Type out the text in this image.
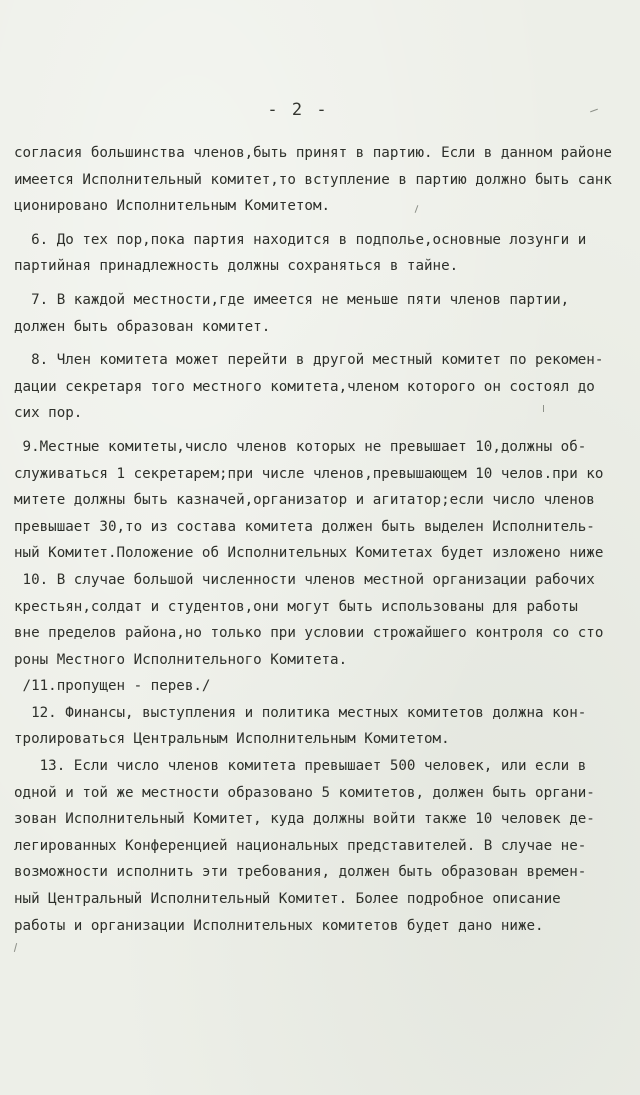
- 2 -
согласия большинства членов,быть принят в партию. Если в данном районе
имеется Исполнительный комитет,то вступление в партию должно быть санк
ционировано Исполнительным Комитетом.
6. До тех пор,пока партия находится в подполье,основные лозунги и
партийная принадлежность должны сохраняться в тайне.
7. В каждой местности,где имеется не меньше пяти членов партии,
должен быть образован комитет.
8. Член комитета может перейти в другой местный комитет по рекомен-
дации секретаря того местного комитета,членом которого он состоял до
сих пор.
9.Местные комитеты,число членов которых не превышает 10,должны об-
служиваться 1 секретарем;при числе членов,превышающем 10 челов.при ко
митете должны быть казначей,организатор и агитатор;если число членов
превышает 30,то из состава комитета должен быть выделен Исполнитель-
ный Комитет.Положение об Исполнительных Комитетах будет изложено ниже
10. В случае большой численности членов местной организации рабочих
крестьян,солдат и студентов,они могут быть использованы для работы
вне пределов района,но только при условии строжайшего контроля со сто
роны Местного Исполнительного Комитета.
/11.пропущен - перев./
12. Финансы, выступления и политика местных комитетов должна кон-
тролироваться Центральным Исполнительным Комитетом.
13. Если число членов комитета превышает 500 человек, или если в
одной и той же местности образовано 5 комитетов, должен быть органи-
зован Исполнительный Комитет, куда должны войти также 10 человек де-
легированных Конференцией национальных представителей. В случае не-
возможности исполнить эти требования, должен быть образован времен-
ный Центральный Исполнительный Комитет. Более подробное описание
работы и организации Исполнительных комитетов будет дано ниже.
